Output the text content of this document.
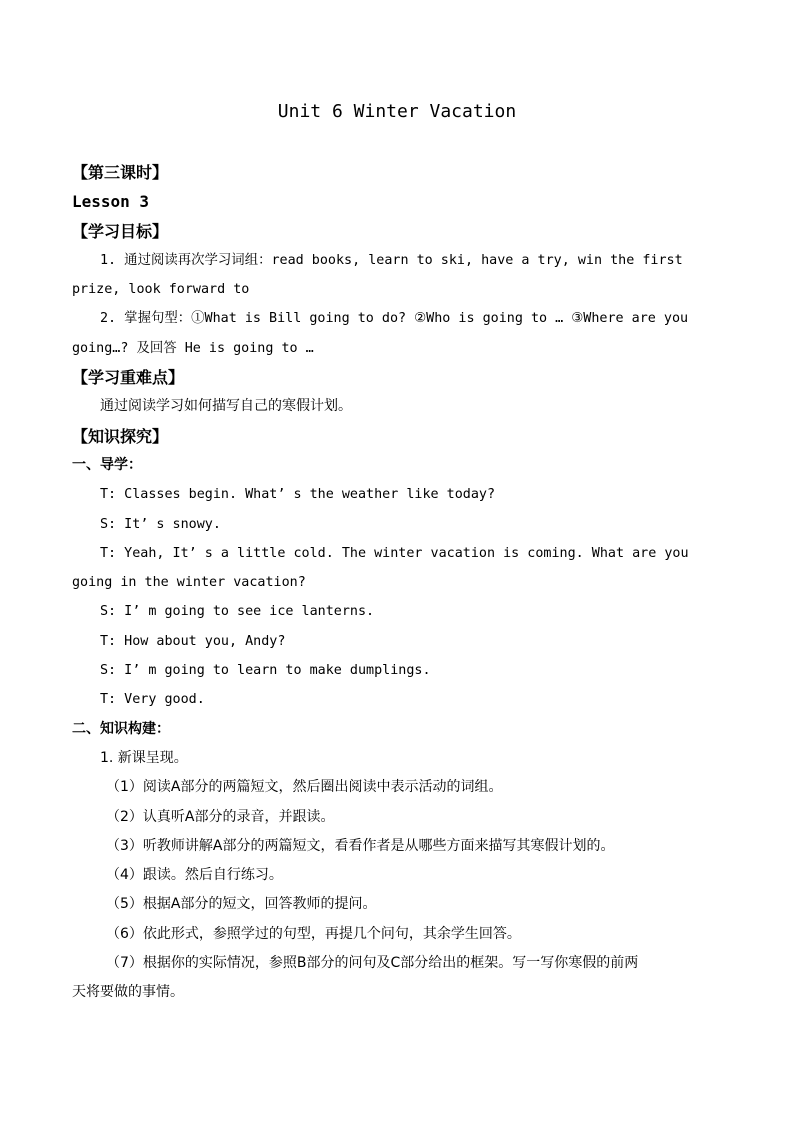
Unit 6 Winter Vacation
【第三课时】
Lesson 3
【学习目标】
1. 通过阅读再次学习词组：read books, learn to ski, have a try, win the first
prize, look forward to
2. 掌握句型：①What is Bill going to do? ②Who is going to … ③Where are you
going…? 及回答 He is going to …
【学习重难点】
通过阅读学习如何描写自己的寒假计划。
【知识探究】
一、导学：
T: Classes begin. What’ s the weather like today?
S: It’ s snowy.
T: Yeah, It’ s a little cold. The winter vacation is coming. What are you
going in the winter vacation?
S: I’ m going to see ice lanterns.
T: How about you, Andy?
S: I’ m going to learn to make dumplings.
T: Very good.
二、知识构建：
1. 新课呈现。
（1）阅读A部分的两篇短文，然后圈出阅读中表示活动的词组。
（2）认真听A部分的录音，并跟读。
（3）听教师讲解A部分的两篇短文，看看作者是从哪些方面来描写其寒假计划的。
（4）跟读。然后自行练习。
（5）根据A部分的短文，回答教师的提问。
（6）依此形式，参照学过的句型，再提几个问句，其余学生回答。
（7）根据你的实际情况，参照B部分的问句及C部分给出的框架。写一写你寒假的前两
天将要做的事情。
